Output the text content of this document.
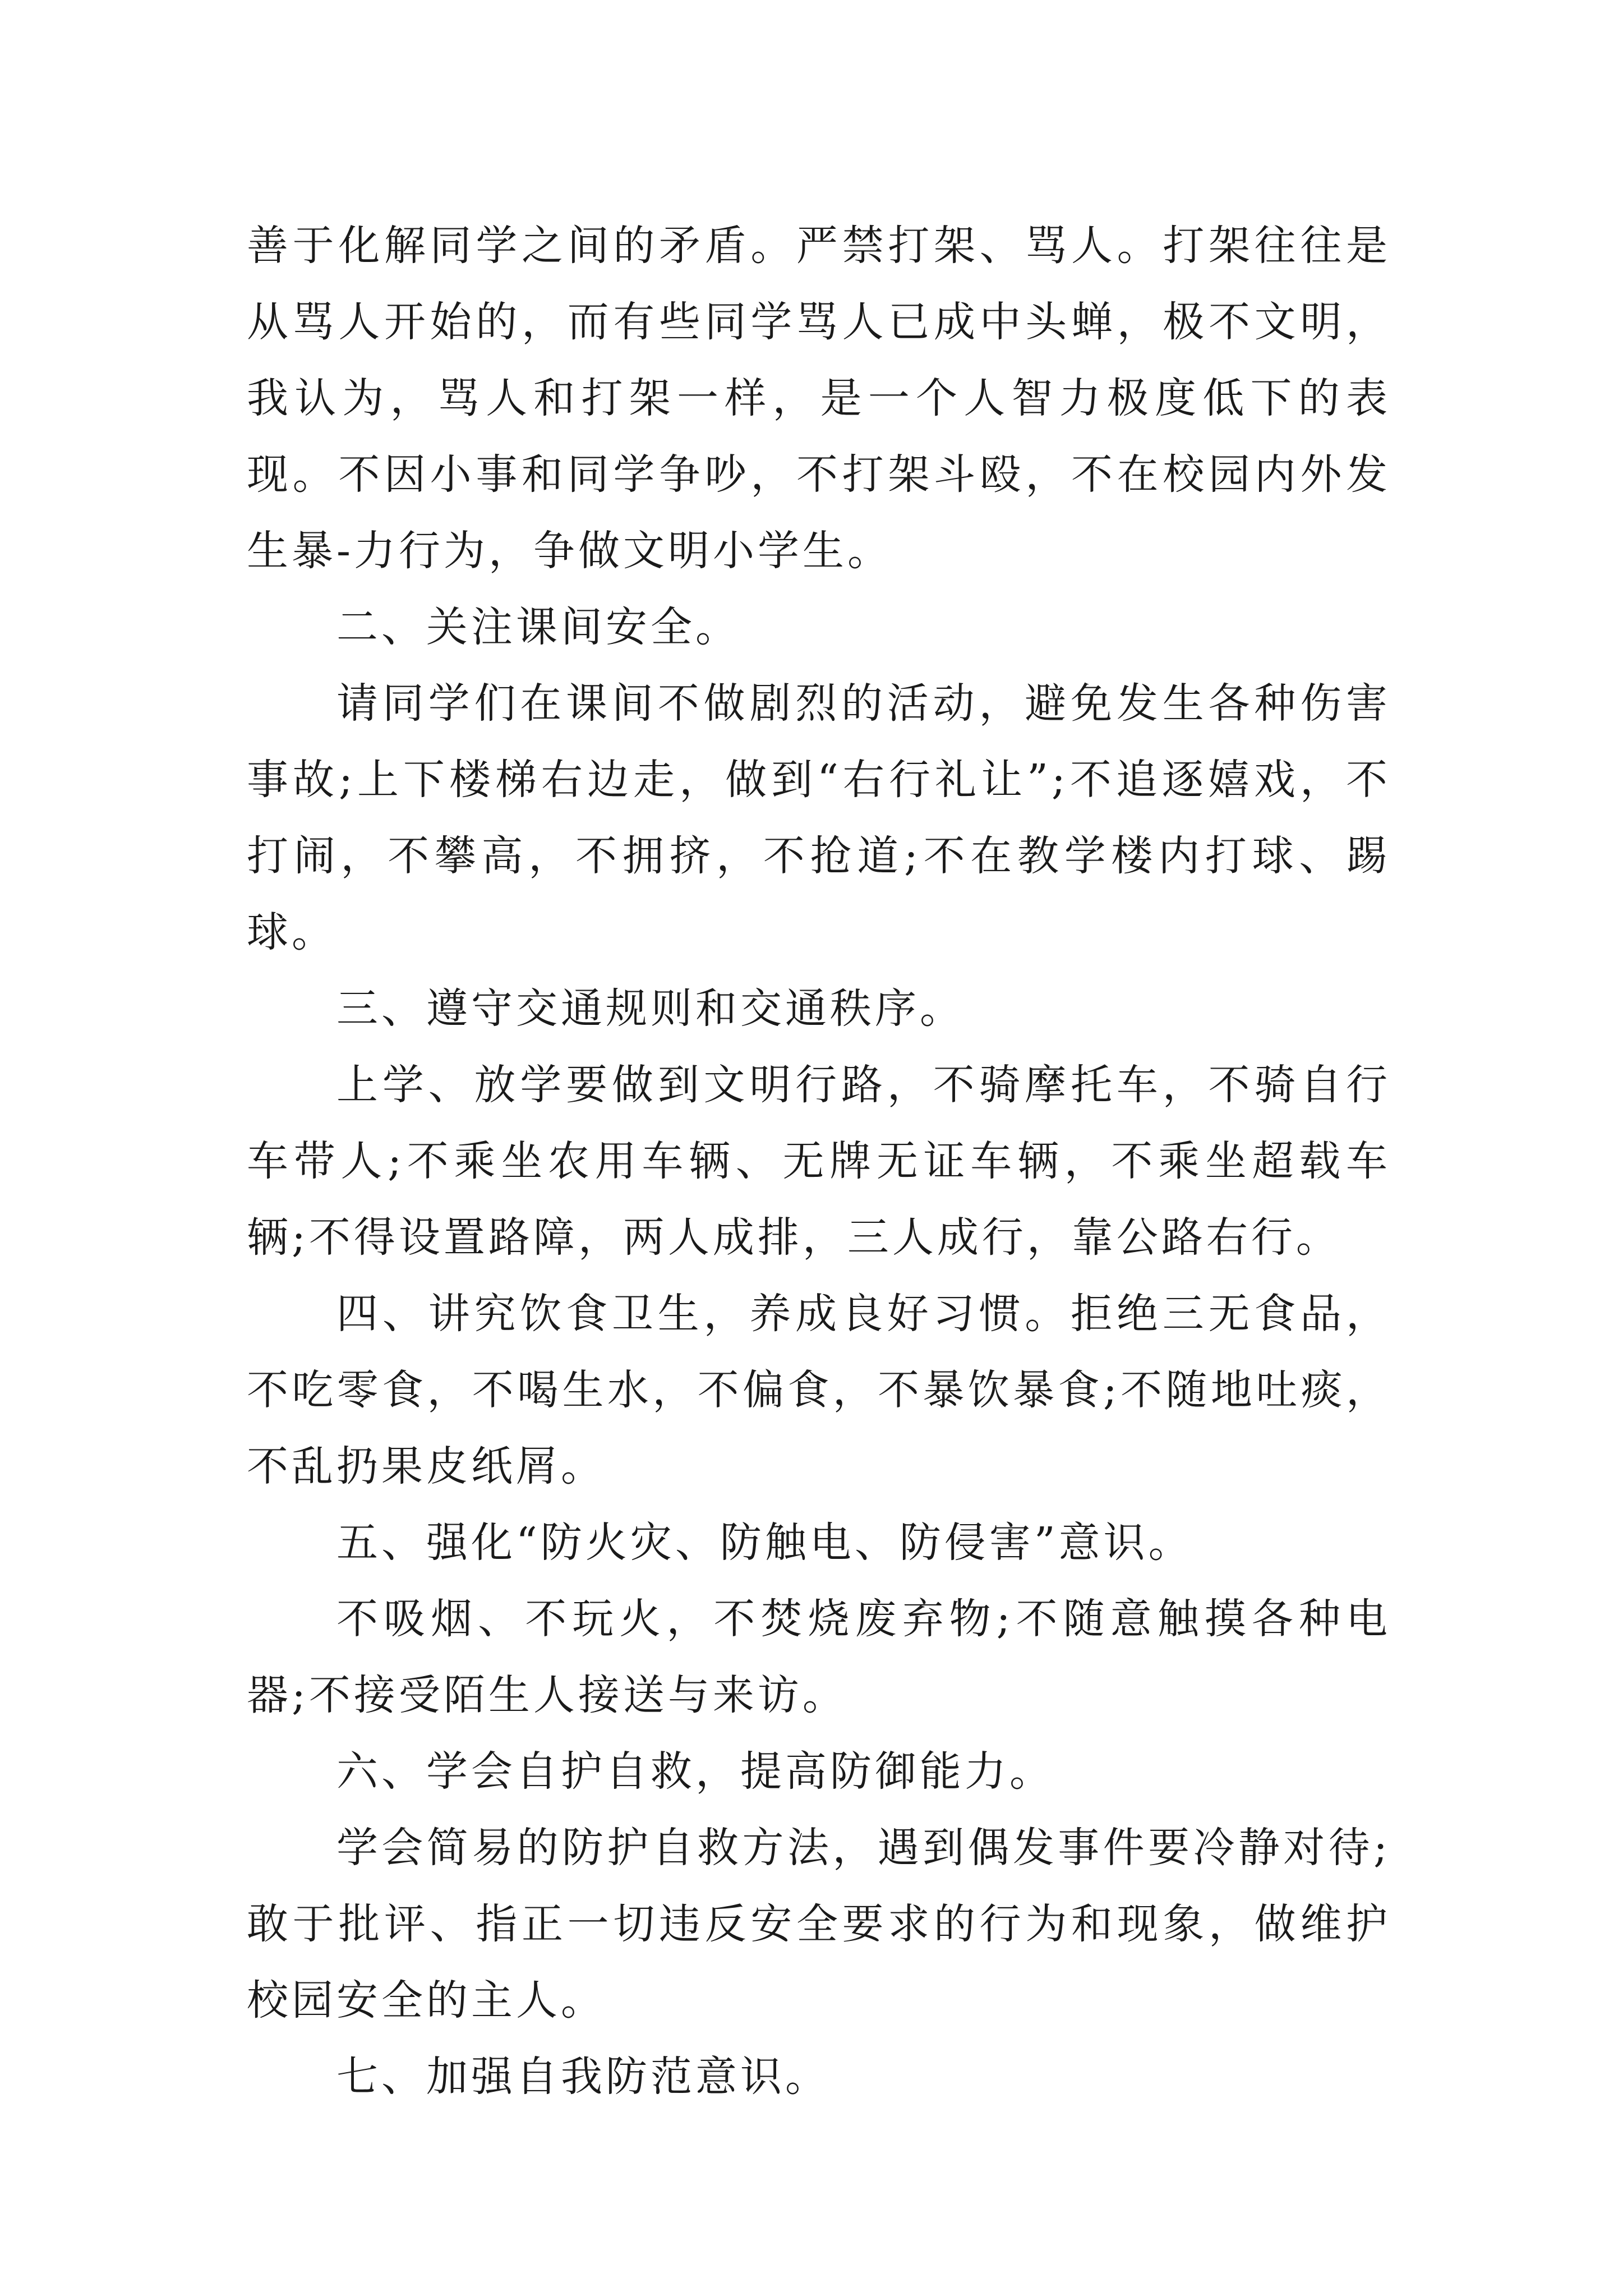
善于化解同学之间的矛盾。严禁打架、骂人。打架往往是从骂人开始的，而有些同学骂人已成中头蝉，极不文明，我认为，骂人和打架一样，是一个人智力极度低下的表现。不因小事和同学争吵，不打架斗殴，不在校园内外发生暴-力行为，争做文明小学生。

二、关注课间安全。

请同学们在课间不做剧烈的活动，避免发生各种伤害事故;上下楼梯右边走，做到“右行礼让”;不追逐嬉戏，不打闹，不攀高，不拥挤，不抢道;不在教学楼内打球、踢球。

三、遵守交通规则和交通秩序。

上学、放学要做到文明行路，不骑摩托车，不骑自行车带人;不乘坐农用车辆、无牌无证车辆，不乘坐超载车辆;不得设置路障，两人成排，三人成行，靠公路右行。

四、讲究饮食卫生，养成良好习惯。拒绝三无食品，不吃零食，不喝生水，不偏食，不暴饮暴食;不随地吐痰，不乱扔果皮纸屑。

五、强化“防火灾、防触电、防侵害”意识。

不吸烟、不玩火，不焚烧废弃物;不随意触摸各种电器;不接受陌生人接送与来访。

六、学会自护自救，提高防御能力。

学会简易的防护自救方法，遇到偶发事件要冷静对待;敢于批评、指正一切违反安全要求的行为和现象，做维护校园安全的主人。

七、加强自我防范意识。
